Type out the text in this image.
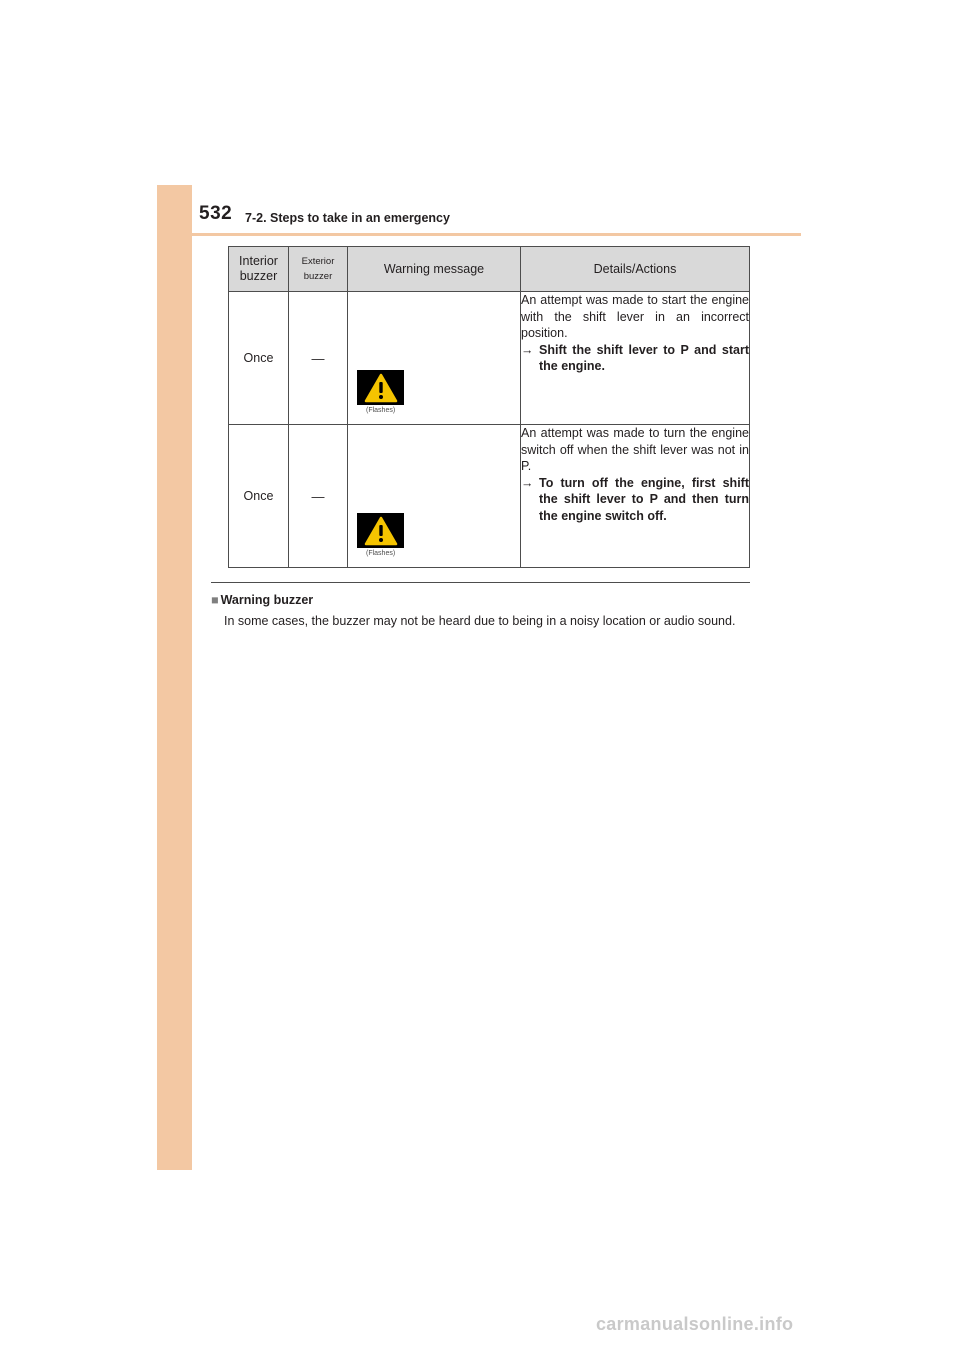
532 7-2. Steps to take in an emergency
Interior buzzer	Exterior buzzer	Warning message	Details/Actions
Once	—	(Flashes)	An attempt was made to start the engine with the shift lever in an incorrect position.
→ Shift the shift lever to P and start the engine.

Once	—	(Flashes)	An attempt was made to turn the engine switch off when the shift lever was not in P.
→ To turn off the engine, first shift the shift lever to P and then turn the engine switch off.
■ Warning buzzer
In some cases, the buzzer may not be heard due to being in a noisy location or audio sound.
carmanualsonline.info
